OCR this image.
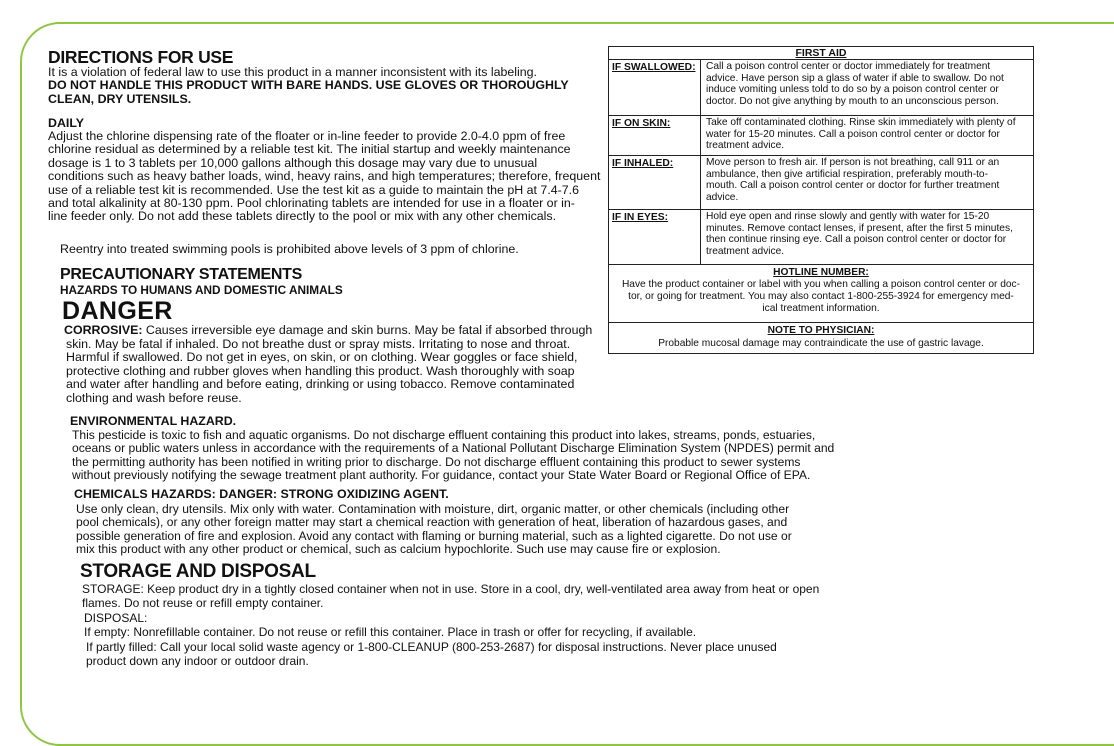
DIRECTIONS FOR USE
It is a violation of federal law to use this product in a manner inconsistent with its labeling.
DO NOT HANDLE THIS PRODUCT WITH BARE HANDS. USE GLOVES OR THOROUGHLY
CLEAN, DRY UTENSILS.
DAILY
Adjust the chlorine dispensing rate of the floater or in-line feeder to provide 2.0-4.0 ppm of free
chlorine residual as determined by a reliable test kit. The initial startup and weekly maintenance
dosage is 1 to 3 tablets per 10,000 gallons although this dosage may vary due to unusual
conditions such as heavy bather loads, wind, heavy rains, and high temperatures; therefore, frequent
use of a reliable test kit is recommended. Use the test kit as a guide to maintain the pH at 7.4-7.6
and total alkalinity at 80-130 ppm. Pool chlorinating tablets are intended for use in a floater or in-
line feeder only. Do not add these tablets directly to the pool or mix with any other chemicals.
Reentry into treated swimming pools is prohibited above levels of 3 ppm of chlorine.
PRECAUTIONARY STATEMENTS
HAZARDS TO HUMANS AND DOMESTIC ANIMALS
DANGER
CORROSIVE: Causes irreversible eye damage and skin burns. May be fatal if absorbed through
skin. May be fatal if inhaled. Do not breathe dust or spray mists. Irritating to nose and throat.
Harmful if swallowed. Do not get in eyes, on skin, or on clothing. Wear goggles or face shield,
protective clothing and rubber gloves when handling this product. Wash thoroughly with soap
and water after handling and before eating, drinking or using tobacco. Remove contaminated
clothing and wash before reuse.
ENVIRONMENTAL HAZARD.
This pesticide is toxic to fish and aquatic organisms. Do not discharge effluent containing this product into lakes, streams, ponds, estuaries,
oceans or public waters unless in accordance with the requirements of a National Pollutant Discharge Elimination System (NPDES) permit and
the permitting authority has been notified in writing prior to discharge. Do not discharge effluent containing this product to sewer systems
without previously notifying the sewage treatment plant authority. For guidance, contact your State Water Board or Regional Office of EPA.
CHEMICALS HAZARDS: DANGER: STRONG OXIDIZING AGENT.
Use only clean, dry utensils. Mix only with water. Contamination with moisture, dirt, organic matter, or other chemicals (including other
pool chemicals), or any other foreign matter may start a chemical reaction with generation of heat, liberation of hazardous gases, and
possible generation of fire and explosion. Avoid any contact with flaming or burning material, such as a lighted cigarette. Do not use or
mix this product with any other product or chemical, such as calcium hypochlorite. Such use may cause fire or explosion.
STORAGE AND DISPOSAL
STORAGE: Keep product dry in a tightly closed container when not in use. Store in a cool, dry, well-ventilated area away from heat or open
flames. Do not reuse or refill empty container.
DISPOSAL:
If empty: Nonrefillable container. Do not reuse or refill this container. Place in trash or offer for recycling, if available.
If partly filled: Call your local solid waste agency or 1-800-CLEANUP (800-253-2687) for disposal instructions. Never place unused
product down any indoor or outdoor drain.
FIRST AID
IF SWALLOWED: Call a poison control center or doctor immediately for treatment
advice. Have person sip a glass of water if able to swallow. Do not
induce vomiting unless told to do so by a poison control center or
doctor. Do not give anything by mouth to an unconscious person.
IF ON SKIN:	Take off contaminated clothing. Rinse skin immediately with plenty of
water for 15-20 minutes. Call a poison control center or doctor for
treatment advice.
IF INHALED:	Move person to fresh air. If person is not breathing, call 911 or an
ambulance, then give artificial respiration, preferably mouth-to-
mouth. Call a poison control center or doctor for further treatment
advice.
IF IN EYES:	Hold eye open and rinse slowly and gently with water for 15-20
minutes. Remove contact lenses, if present, after the first 5 minutes,
then continue rinsing eye. Call a poison control center or doctor for
treatment advice.
HOTLINE NUMBER:
Have the product container or label with you when calling a poison control center or doc-
tor, or going for treatment. You may also contact 1-800-255-3924 for emergency med-
ical treatment information.
NOTE TO PHYSICIAN:
Probable mucosal damage may contraindicate the use of gastric lavage.
